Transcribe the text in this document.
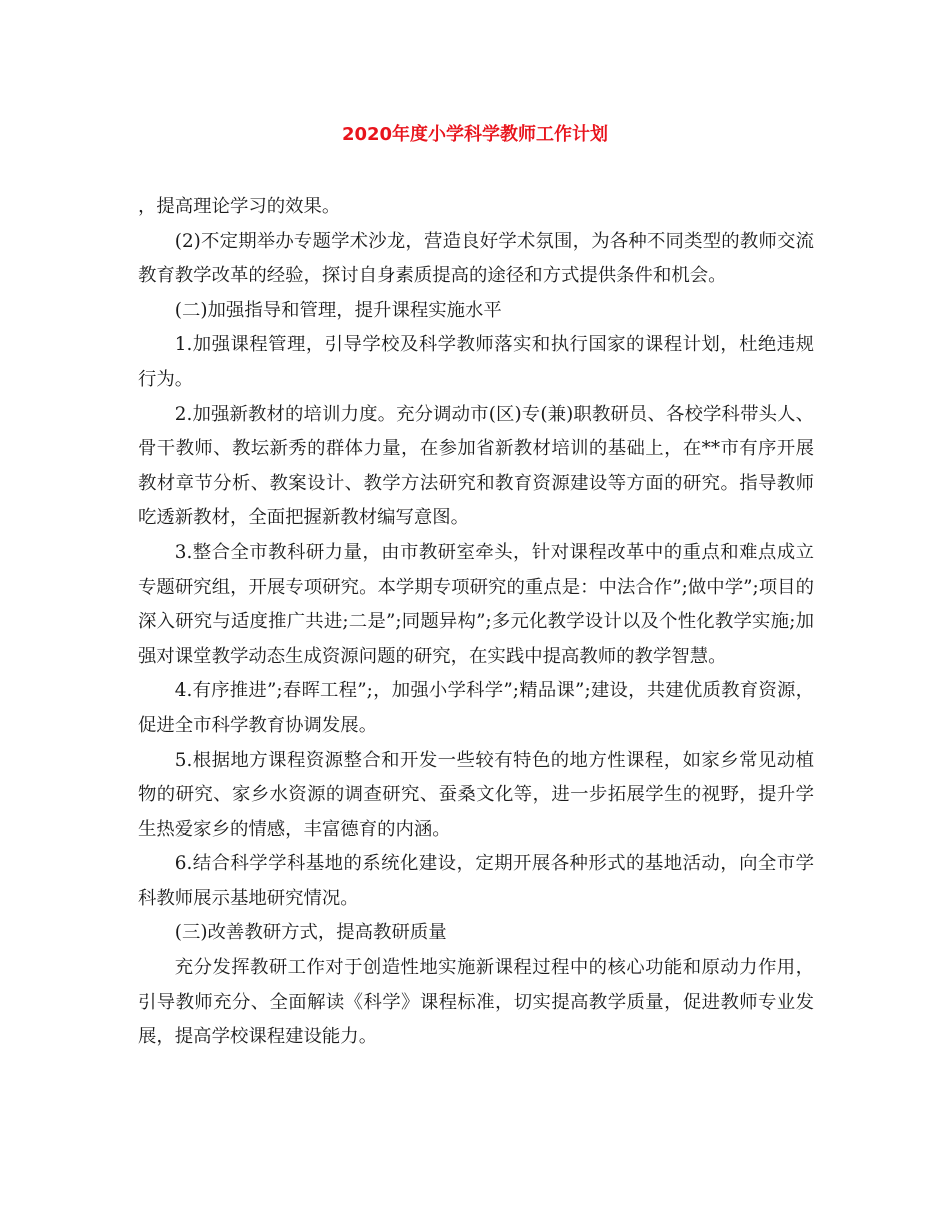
2020年度小学科学教师工作计划

，提高理论学习的效果。

(2)不定期举办专题学术沙龙，营造良好学术氛围，为各种不同类型的教师交流教育教学改革的经验，探讨自身素质提高的途径和方式提供条件和机会。

(二)加强指导和管理，提升课程实施水平

1.加强课程管理，引导学校及科学教师落实和执行国家的课程计划，杜绝违规行为。

2.加强新教材的培训力度。充分调动市(区)专(兼)职教研员、各校学科带头人、骨干教师、教坛新秀的群体力量，在参加省新教材培训的基础上，在**市有序开展教材章节分析、教案设计、教学方法研究和教育资源建设等方面的研究。指导教师吃透新教材，全面把握新教材编写意图。

3.整合全市教科研力量，由市教研室牵头，针对课程改革中的重点和难点成立专题研究组，开展专项研究。本学期专项研究的重点是：中法合作”;做中学”;项目的深入研究与适度推广共进;二是”;同题异构”;多元化教学设计以及个性化教学实施;加强对课堂教学动态生成资源问题的研究，在实践中提高教师的教学智慧。

4.有序推进”;春晖工程”;，加强小学科学”;精品课”;建设，共建优质教育资源，促进全市科学教育协调发展。

5.根据地方课程资源整合和开发一些较有特色的地方性课程，如家乡常见动植物的研究、家乡水资源的调查研究、蚕桑文化等，进一步拓展学生的视野，提升学生热爱家乡的情感，丰富德育的内涵。

6.结合科学学科基地的系统化建设，定期开展各种形式的基地活动，向全市学科教师展示基地研究情况。

(三)改善教研方式，提高教研质量

充分发挥教研工作对于创造性地实施新课程过程中的核心功能和原动力作用，引导教师充分、全面解读《科学》课程标准，切实提高教学质量，促进教师专业发展，提高学校课程建设能力。
